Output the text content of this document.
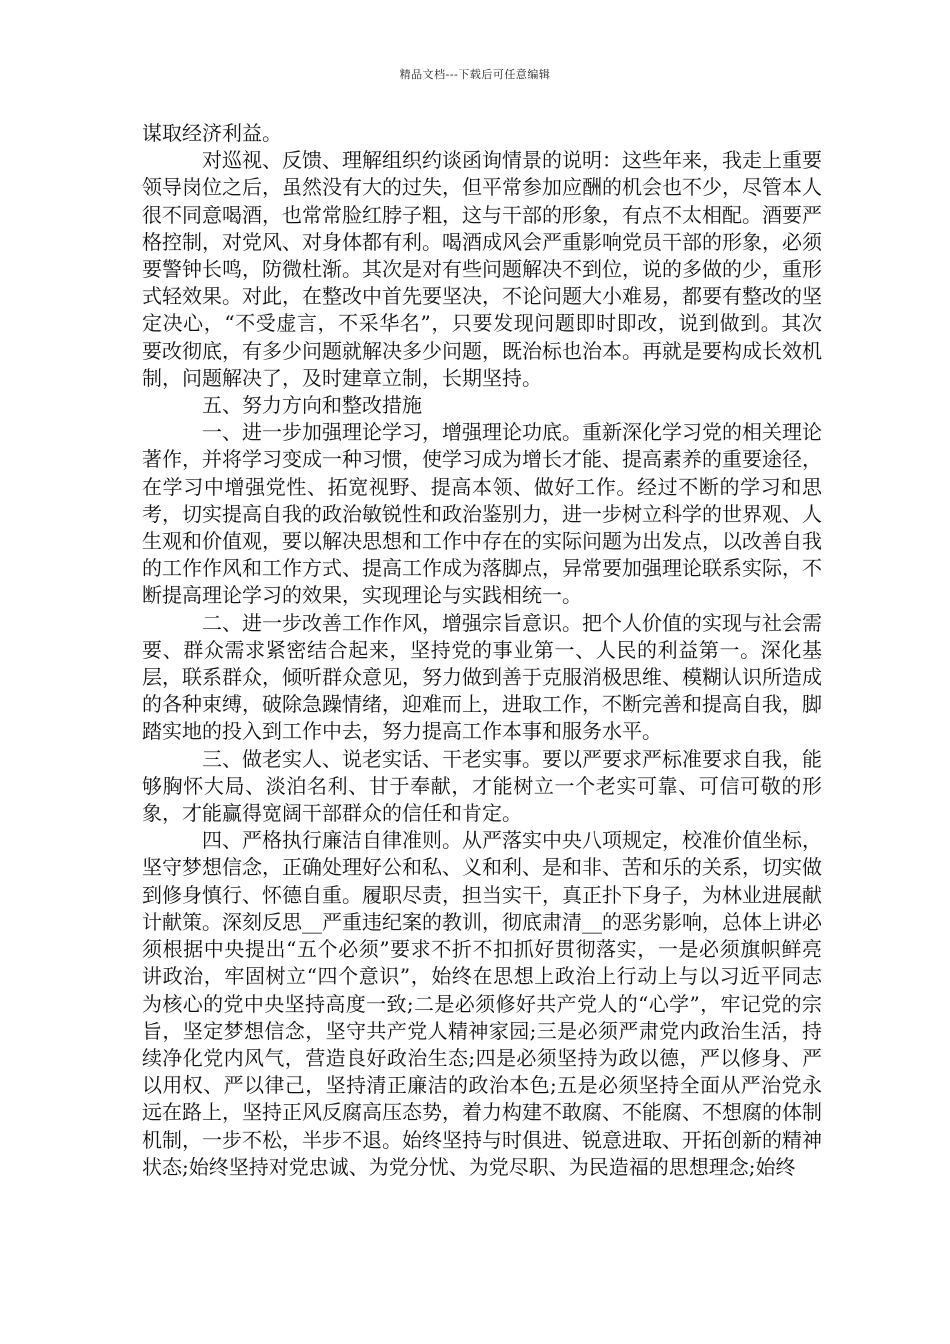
精品文档---下载后可任意编辑

谋取经济利益。

对巡视、反馈、理解组织约谈函询情景的说明：这些年来，我走上重要领导岗位之后，虽然没有大的过失，但平常参加应酬的机会也不少，尽管本人很不同意喝酒，也常常脸红脖子粗，这与干部的形象，有点不太相配。酒要严格控制，对党风、对身体都有利。喝酒成风会严重影响党员干部的形象，必须要警钟长鸣，防微杜渐。其次是对有些问题解决不到位，说的多做的少，重形式轻效果。对此，在整改中首先要坚决，不论问题大小难易，都要有整改的坚定决心，“不受虚言，不采华名”，只要发现问题即时即改，说到做到。其次要改彻底，有多少问题就解决多少问题，既治标也治本。再就是要构成长效机制，问题解决了，及时建章立制，长期坚持。

五、努力方向和整改措施

一、进一步加强理论学习，增强理论功底。重新深化学习党的相关理论著作，并将学习变成一种习惯，使学习成为增长才能、提高素养的重要途径，在学习中增强党性、拓宽视野、提高本领、做好工作。经过不断的学习和思考，切实提高自我的政治敏锐性和政治鉴别力，进一步树立科学的世界观、人生观和价值观，要以解决思想和工作中存在的实际问题为出发点，以改善自我的工作作风和工作方式、提高工作成为落脚点，异常要加强理论联系实际，不断提高理论学习的效果，实现理论与实践相统一。

二、进一步改善工作作风，增强宗旨意识。把个人价值的实现与社会需要、群众需求紧密结合起来，坚持党的事业第一、人民的利益第一。深化基层，联系群众，倾听群众意见，努力做到善于克服消极思维、模糊认识所造成的各种束缚，破除急躁情绪，迎难而上，进取工作，不断完善和提高自我，脚踏实地的投入到工作中去，努力提高工作本事和服务水平。

三、做老实人、说老实话、干老实事。要以严要求严标准要求自我，能够胸怀大局、淡泊名利、甘于奉献，才能树立一个老实可靠、可信可敬的形象，才能赢得宽阔干部群众的信任和肯定。

四、严格执行廉洁自律准则。从严落实中央八项规定，校准价值坐标，坚守梦想信念，正确处理好公和私、义和利、是和非、苦和乐的关系，切实做到修身慎行、怀德自重。履职尽责，担当实干，真正扑下身子，为林业进展献计献策。深刻反思__严重违纪案的教训，彻底肃清__的恶劣影响，总体上讲必须根据中央提出“五个必须”要求不折不扣抓好贯彻落实，一是必须旗帜鲜亮讲政治，牢固树立“四个意识”，始终在思想上政治上行动上与以习近平同志为核心的党中央坚持高度一致;二是必须修好共产党人的“心学”，牢记党的宗旨，坚定梦想信念，坚守共产党人精神家园;三是必须严肃党内政治生活，持续净化党内风气，营造良好政治生态;四是必须坚持为政以德，严以修身、严以用权、严以律己，坚持清正廉洁的政治本色;五是必须坚持全面从严治党永远在路上，坚持正风反腐高压态势，着力构建不敢腐、不能腐、不想腐的体制机制，一步不松，半步不退。始终坚持与时俱进、锐意进取、开拓创新的精神状态;始终坚持对党忠诚、为党分忧、为党尽职、为民造福的思想理念;始终
